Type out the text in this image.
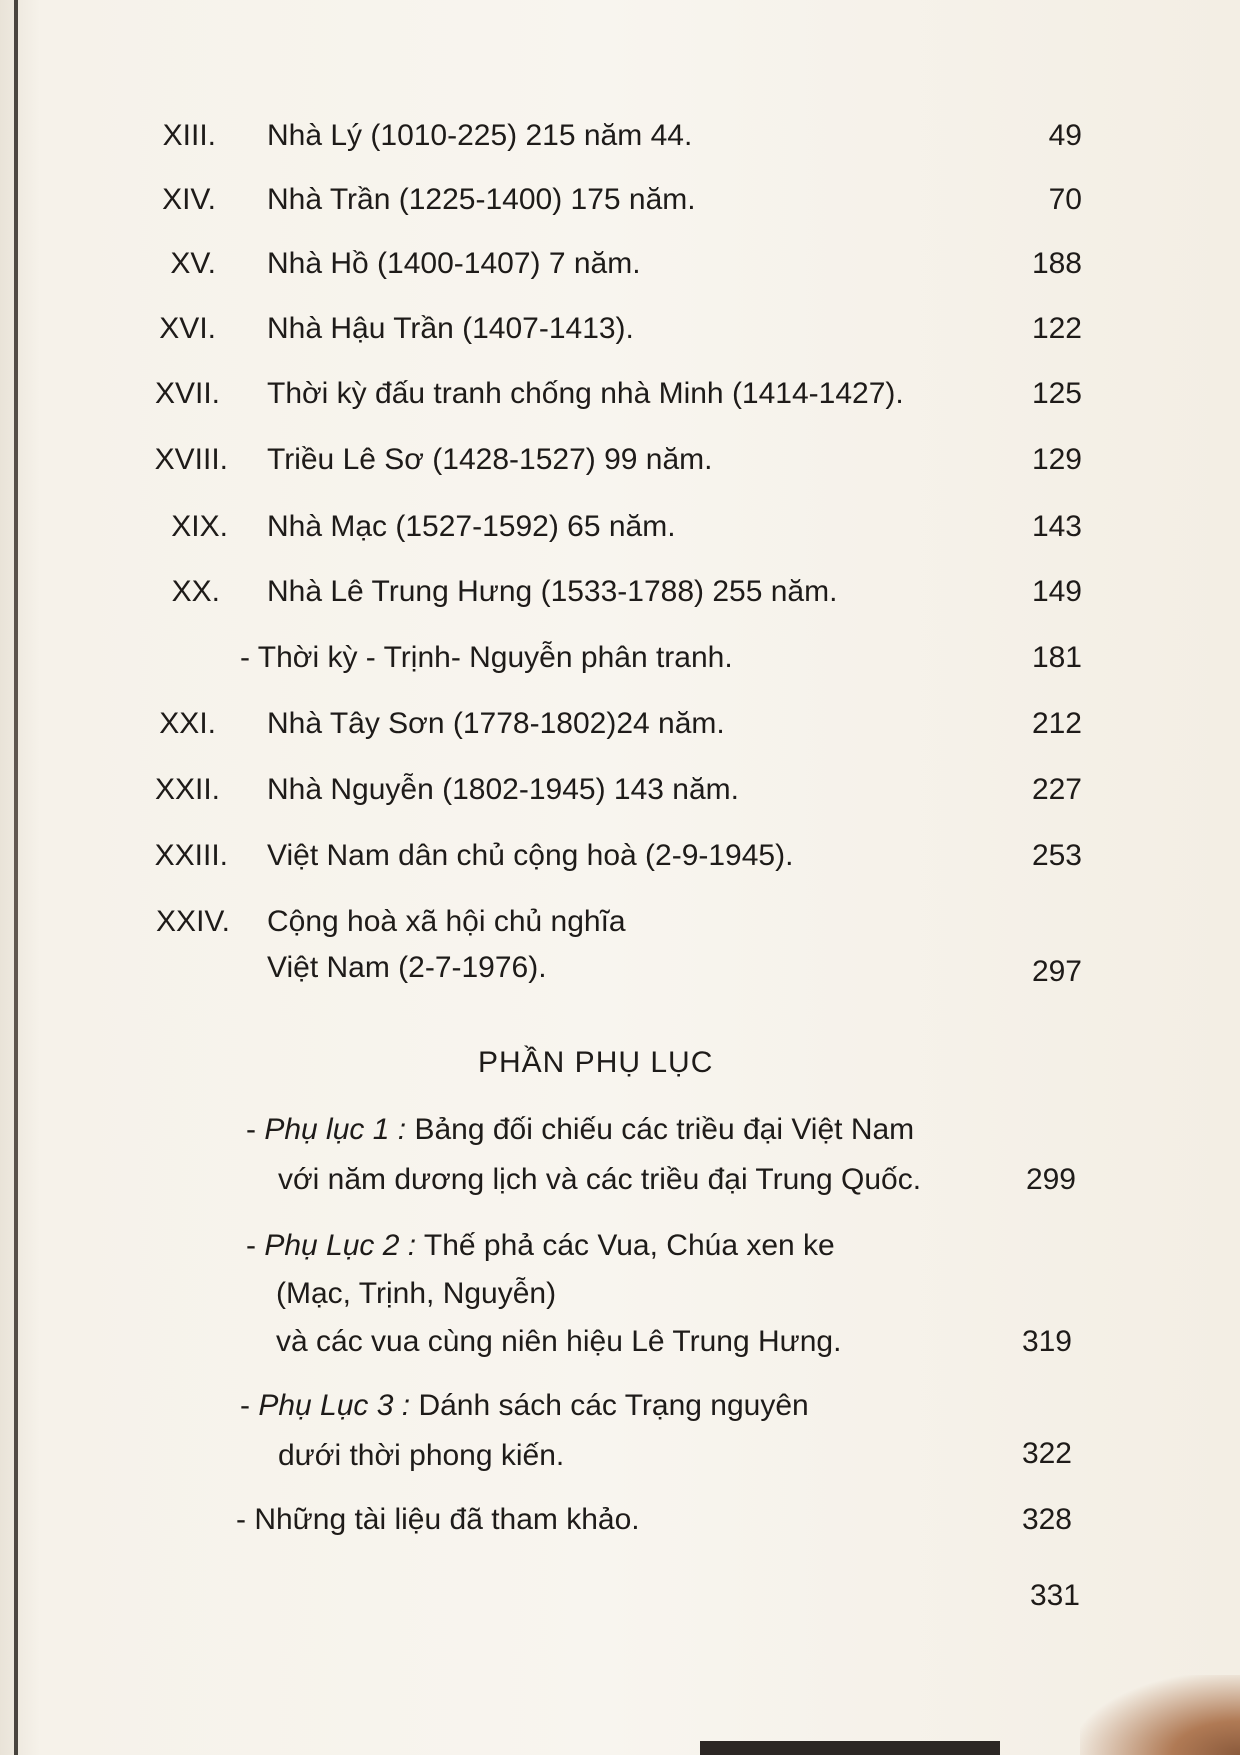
XIII. Nhà Lý (1010-225) 215 năm 44.	49
XIV. Nhà Trần (1225-1400) 175 năm.	70
XV. Nhà Hồ (1400-1407) 7 năm.	188
XVI. Nhà Hậu Trần (1407-1413).	122
XVII. Thời kỳ đấu tranh chống nhà Minh (1414-1427).	125
XVIII. Triều Lê Sơ (1428-1527) 99 năm.	129
XIX. Nhà Mạc (1527-1592) 65 năm.	143
XX. Nhà Lê Trung Hưng (1533-1788) 255 năm.	149
- Thời kỳ - Trịnh- Nguyễn phân tranh.	181
XXI. Nhà Tây Sơn (1778-1802)24 năm.	212
XXII. Nhà Nguyễn (1802-1945) 143 năm.	227
XXIII. Việt Nam dân chủ cộng hoà (2-9-1945).	253
XXIV. Cộng hoà xã hội chủ nghĩa
Việt Nam (2-7-1976).	297
PHẦN PHỤ LỤC
- Phụ lục 1 : Bảng đối chiếu các triều đại Việt Nam
với năm dương lịch và các triều đại Trung Quốc.	299
- Phụ Lục 2 : Thế phả các Vua, Chúa xen ke
(Mạc, Trịnh, Nguyễn)
và các vua cùng niên hiệu Lê Trung Hưng.	319
- Phụ Lục 3 : Dánh sách các Trạng nguyên
dưới thời phong kiến.	322
- Những tài liệu đã tham khảo.	328
331
